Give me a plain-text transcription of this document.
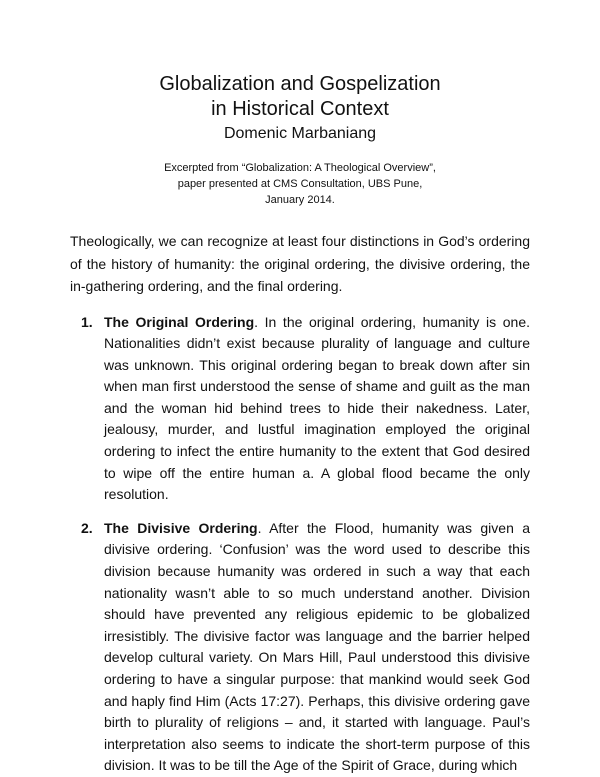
Globalization and Gospelization
in Historical Context
Domenic Marbaniang
Excerpted from “Globalization: A Theological Overview”,
paper presented at CMS Consultation, UBS Pune,
January 2014.

Theologically, we can recognize at least four distinctions in God’s ordering of the history of humanity: the original ordering, the divisive ordering, the in-gathering ordering, and the final ordering.

1. The Original Ordering. In the original ordering, humanity is one. Nationalities didn’t exist because plurality of language and culture was unknown. This original ordering began to break down after sin when man first understood the sense of shame and guilt as the man and the woman hid behind trees to hide their nakedness. Later, jealousy, murder, and lustful imagination employed the original ordering to infect the entire humanity to the extent that God desired to wipe off the entire human a. A global flood became the only resolution.
2. The Divisive Ordering. After the Flood, humanity was given a divisive ordering. ‘Confusion’ was the word used to describe this division because humanity was ordered in such a way that each nationality wasn’t able to so much understand another. Division should have prevented any religious epidemic to be globalized irresistibly. The divisive factor was language and the barrier helped develop cultural variety. On Mars Hill, Paul understood this divisive ordering to have a singular purpose: that mankind would seek God and haply find Him (Acts 17:27). Perhaps, this divisive ordering gave birth to plurality of religions – and, it started with language. Paul’s interpretation also seems to indicate the short-term purpose of this division. It was to be till the Age of the Spirit of Grace, during which
